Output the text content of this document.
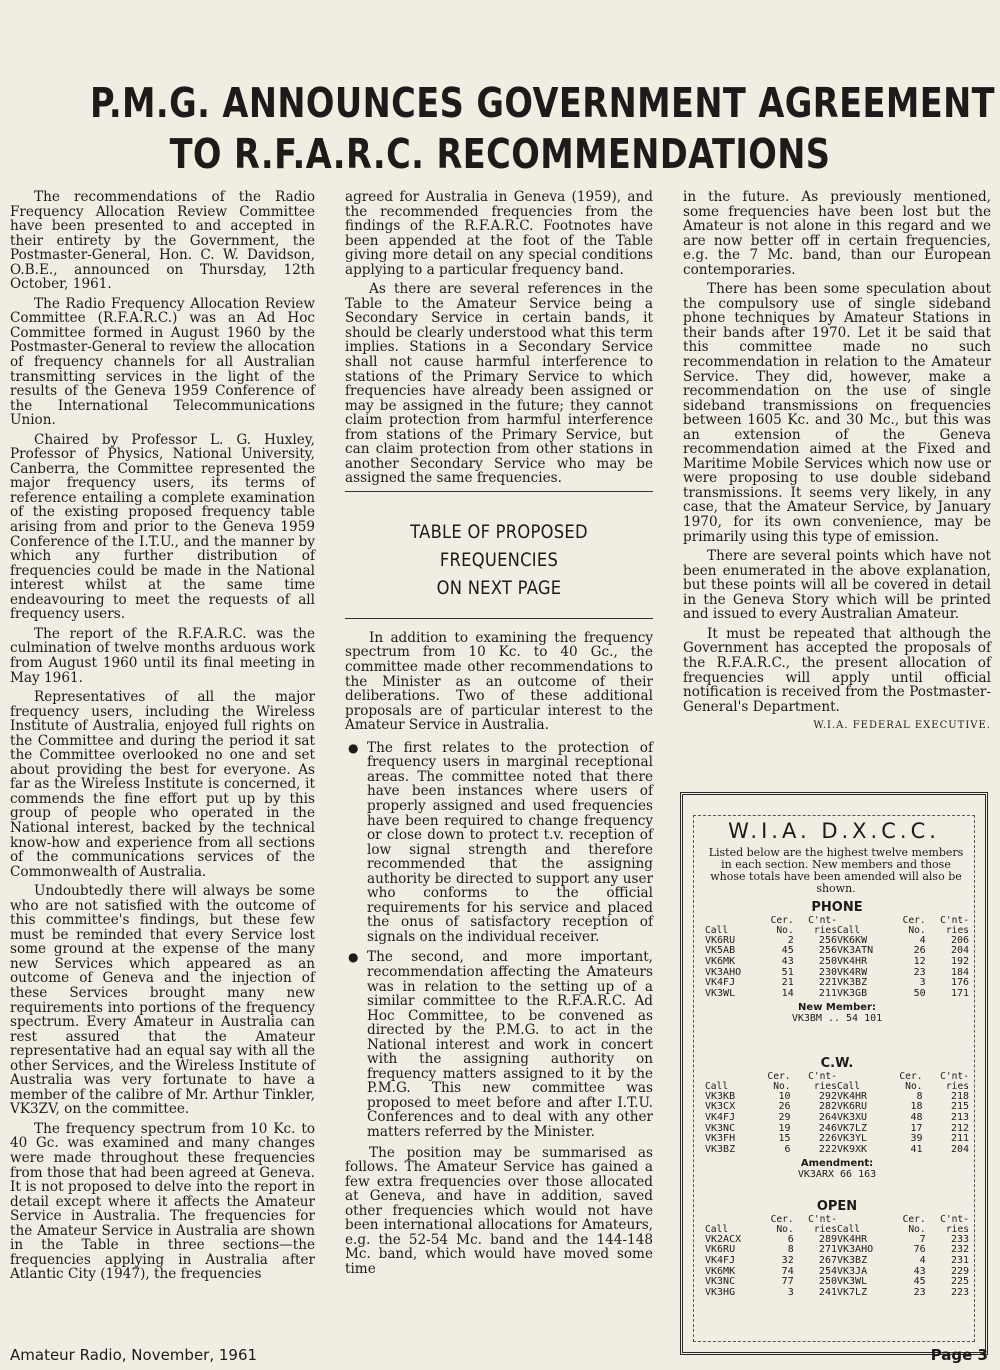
P.M.G. ANNOUNCES GOVERNMENT AGREEMENT
TO R.F.A.R.C. RECOMMENDATIONS

The recommendations of the Radio Frequency Allocation Review Committee have been presented to and accepted in their entirety by the Government, the Postmaster-General, Hon. C. W. Davidson, O.B.E., announced on Thursday, 12th October, 1961.

The Radio Frequency Allocation Review Committee (R.F.A.R.C.) was an Ad Hoc Committee formed in August 1960 by the Postmaster-General to review the allocation of frequency channels for all Australian transmitting services in the light of the results of the Geneva 1959 Conference of the International Telecommunications Union.

Chaired by Professor L. G. Huxley, Professor of Physics, National University, Canberra, the Committee represented the major frequency users, its terms of reference entailing a complete examination of the existing proposed frequency table arising from and prior to the Geneva 1959 Conference of the I.T.U., and the manner by which any further distribution of frequencies could be made in the National interest whilst at the same time endeavouring to meet the requests of all frequency users.

The report of the R.F.A.R.C. was the culmination of twelve months arduous work from August 1960 until its final meeting in May 1961.

Representatives of all the major frequency users, including the Wireless Institute of Australia, enjoyed full rights on the Committee and during the period it sat the Committee overlooked no one and set about providing the best for everyone. As far as the Wireless Institute is concerned, it commends the fine effort put up by this group of people who operated in the National interest, backed by the technical know-how and experience from all sections of the communications services of the Commonwealth of Australia.

Undoubtedly there will always be some who are not satisfied with the outcome of this committee's findings, but these few must be reminded that every Service lost some ground at the expense of the many new Services which appeared as an outcome of Geneva and the injection of these Services brought many new requirements into portions of the frequency spectrum. Every Amateur in Australia can rest assured that the Amateur representative had an equal say with all the other Services, and the Wireless Institute of Australia was very fortunate to have a member of the calibre of Mr. Arthur Tinkler, VK3ZV, on the committee.

The frequency spectrum from 10 Kc. to 40 Gc. was examined and many changes were made throughout these frequencies from those that had been agreed at Geneva. It is not proposed to delve into the report in detail except where it affects the Amateur Service in Australia. The frequencies for the Amateur Service in Australia are shown in the Table in three sections—the frequencies applying in Australia after Atlantic City (1947), the frequencies

agreed for Australia in Geneva (1959), and the recommended frequencies from the findings of the R.F.A.R.C. Footnotes have been appended at the foot of the Table giving more detail on any special conditions applying to a particular frequency band.

As there are several references in the Table to the Amateur Service being a Secondary Service in certain bands, it should be clearly understood what this term implies. Stations in a Secondary Service shall not cause harmful interference to stations of the Primary Service to which frequencies have already been assigned or may be assigned in the future; they cannot claim protection from harmful interference from stations of the Primary Service, but can claim protection from other stations in another Secondary Service who may be assigned the same frequencies.

TABLE OF PROPOSED FREQUENCIES
ON NEXT PAGE

In addition to examining the frequency spectrum from 10 Kc. to 40 Gc., the committee made other recommendations to the Minister as an outcome of their deliberations. Two of these additional proposals are of particular interest to the Amateur Service in Australia.

● The first relates to the protection of frequency users in marginal receptional areas. The committee noted that there have been instances where users of properly assigned and used frequencies have been required to change frequency or close down to protect t.v. reception of low signal strength and therefore recommended that the assigning authority be directed to support any user who conforms to the official requirements for his service and placed the onus of satisfactory reception of signals on the individual receiver.
● The second, and more important, recommendation affecting the Amateurs was in relation to the setting up of a similar committee to the R.F.A.R.C. Ad Hoc Committee, to be convened as directed by the P.M.G. to act in the National interest and work in concert with the assigning authority on frequency matters assigned to it by the P.M.G. This new committee was proposed to meet before and after I.T.U. Conferences and to deal with any other matters referred by the Minister.

The position may be summarised as follows. The Amateur Service has gained a few extra frequencies over those allocated at Geneva, and have in addition, saved other frequencies which would not have been international allocations for Amateurs, e.g. the 52-54 Mc. band and the 144-148 Mc. band, which would have moved some time

in the future. As previously mentioned, some frequencies have been lost but the Amateur is not alone in this regard and we are now better off in certain frequencies, e.g. the 7 Mc. band, than our European contemporaries.

There has been some speculation about the compulsory use of single sideband phone techniques by Amateur Stations in their bands after 1970. Let it be said that this committee made no such recommendation in relation to the Amateur Service. They did, however, make a recommendation on the use of single sideband transmissions on frequencies between 1605 Kc. and 30 Mc., but this was an extension of the Geneva recommendation aimed at the Fixed and Maritime Mobile Services which now use or were proposing to use double sideband transmissions. It seems very likely, in any case, that the Amateur Service, by January 1970, for its own convenience, may be primarily using this type of emission.

There are several points which have not been enumerated in the above explanation, but these points will all be covered in detail in the Geneva Story which will be printed and issued to every Australian Amateur.

It must be repeated that although the Government has accepted the proposals of the R.F.A.R.C., the present allocation of frequencies will apply until official notification is received from the Postmaster-General's Department.

W.I.A. FEDERAL EXECUTIVE.
W.I.A. D.X.C.C.
Listed below are the highest twelve members in each section. New members and those whose totals have been amended will also be shown.
PHONE
	Cer.	C'nt-		Cer.	C'nt-
Call	No.	ries	Call	No.	ries
VK6RU	2	256	VK6KW	4	206
VK5AB	45	256	VK3ATN	26	204
VK6MK	43	250	VK4HR	12	192
VK3AHO	51	230	VK4RW	23	184
VK4FJ	21	221	VK3BZ	3	176
VK3WL	14	211	VK3GB	50	171
New Member:
VK3BM .. 54 101
C.W.
	Cer.	C'nt-		Cer.	C'nt-
Call	No.	ries	Call	No.	ries
VK3KB	10	292	VK4HR	8	218
VK3CX	26	282	VK6RU	18	215
VK4FJ	29	264	VK3XU	48	213
VK3NC	19	246	VK7LZ	17	212
VK3FH	15	226	VK3YL	39	211
VK3BZ	6	222	VK9XK	41	204
Amendment:
VK3ARX 66 163
OPEN
	Cer.	C'nt-		Cer.	C'nt-
Call	No.	ries	Call	No.	ries
VK2ACX	6	289	VK4HR	7	233
VK6RU	8	271	VK3AHO	76	232
VK4FJ	32	267	VK3BZ	4	231
VK6MK	74	254	VK3JA	43	229
VK3NC	77	250	VK3WL	45	225
VK3HG	3	241	VK7LZ	23	223
Amateur Radio, November, 1961	Page 3
